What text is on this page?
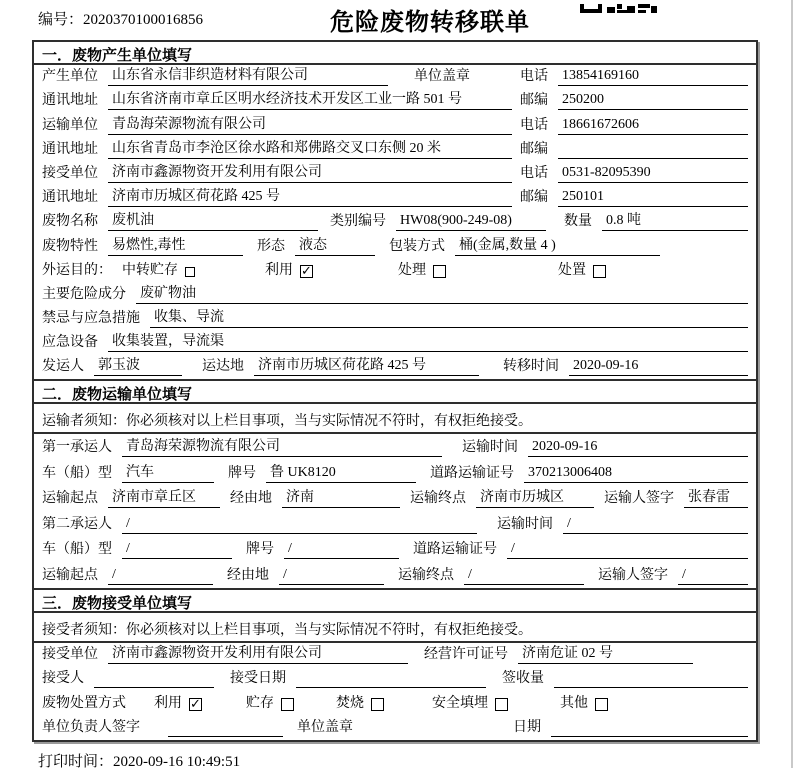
编号：2020370100016856	危险废物转移联单
一．废物产生单位填写
产生单位 山东省永信非织造材料有限公司	单位盖章	电话 13854169160
通讯地址 山东省济南市章丘区明水经济技术开发区工业一路 501 号	邮编 250200
运输单位 青岛海荣源物流有限公司	电话 18661672606
通讯地址 山东省青岛市李沧区徐水路和郑佛路交叉口东侧 20 米	邮编
接受单位 济南市鑫源物资开发利用有限公司	电话 0531-82095390
通讯地址 济南市历城区荷花路 425 号	邮编 250101
废物名称 废机油	类别编号 HW08(900-249-08)	数量 0.8 吨
废物特性 易燃性,毒性	形态 液态	包装方式 桶(金属,数量 4 )
外运目的： 中转贮存	利用 ✓	处理	处置
主要危险成分 废矿物油
禁忌与应急措施 收集、导流
应急设备 收集装置，导流渠
发运人 郭玉波	运达地 济南市历城区荷花路 425 号	转移时间 2020-09-16
二．废物运输单位填写
运输者须知：你必须核对以上栏目事项，当与实际情况不符时，有权拒绝接受。
第一承运人 青岛海荣源物流有限公司	运输时间 2020-09-16
车（船）型 汽车	牌号 鲁 UK8120	道路运输证号 370213006408
运输起点 济南市章丘区	经由地 济南	运输终点 济南市历城区	运输人签字 张春雷
第二承运人 /	运输时间 /
车（船）型 /	牌号 /	道路运输证号 /
运输起点 /	经由地 /	运输终点 /	运输人签字 /
三．废物接受单位填写
接受者须知：你必须核对以上栏目事项，当与实际情况不符时，有权拒绝接受。
接受单位 济南市鑫源物资开发利用有限公司	经营许可证号 济南危证 02 号
接受人	接受日期	签收量
废物处置方式 利用 ✓	贮存	焚烧	安全填埋	其他
单位负责人签字	单位盖章	日期
打印时间：2020-09-16 10:49:51
